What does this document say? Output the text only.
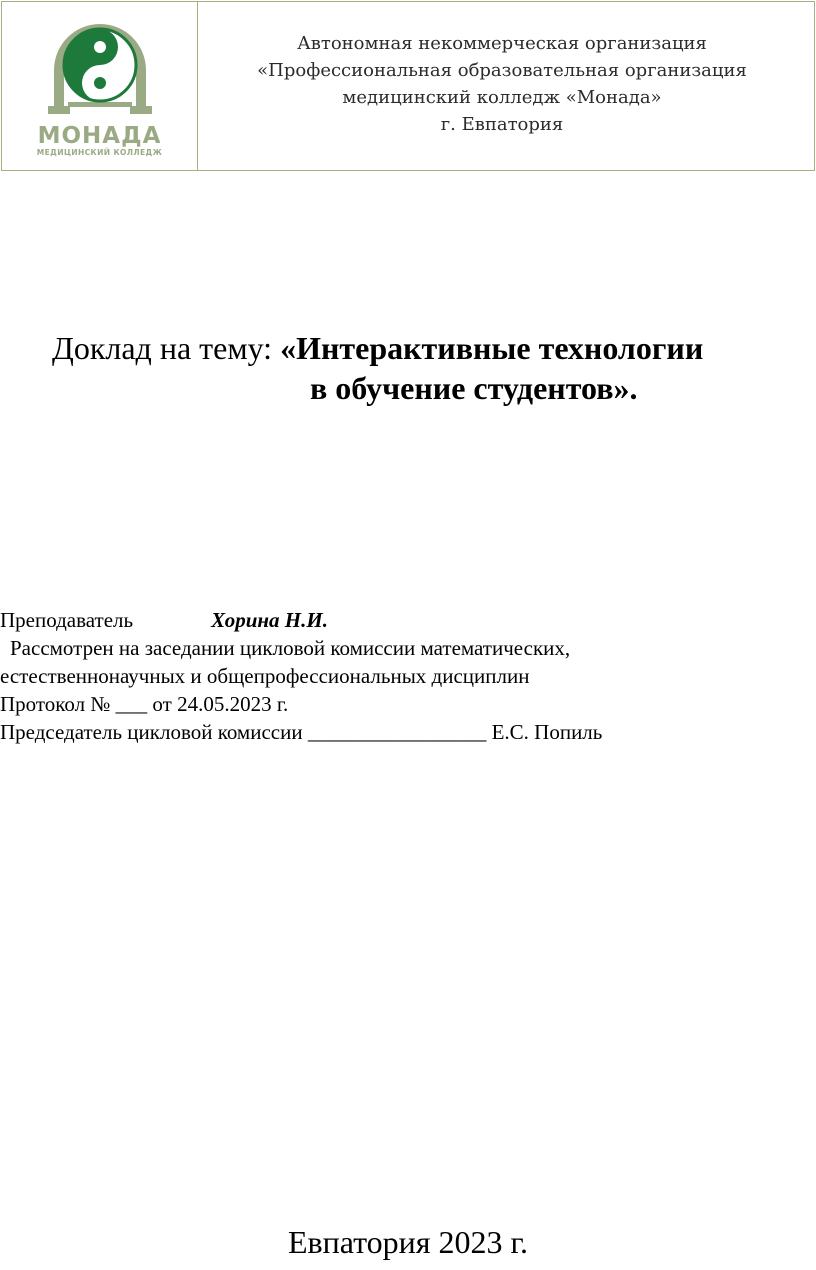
МОНАДА
МЕДИЦИНСКИЙ КОЛЛЕДЖ
Автономная некоммерческая организация
«Профессиональная образовательная организация
медицинский колледж «Монада»
г. Евпатория
Доклад на тему: «Интерактивные технологии
в обучение студентов».
Преподаватель	Хорина Н.И.
Рассмотрен на заседании цикловой комиссии математических,
естественнонаучных и общепрофессиональных дисциплин
Протокол № ___ от 24.05.2023 г.
Председатель цикловой комиссии _________________ Е.С. Попиль
Евпатория 2023 г.
